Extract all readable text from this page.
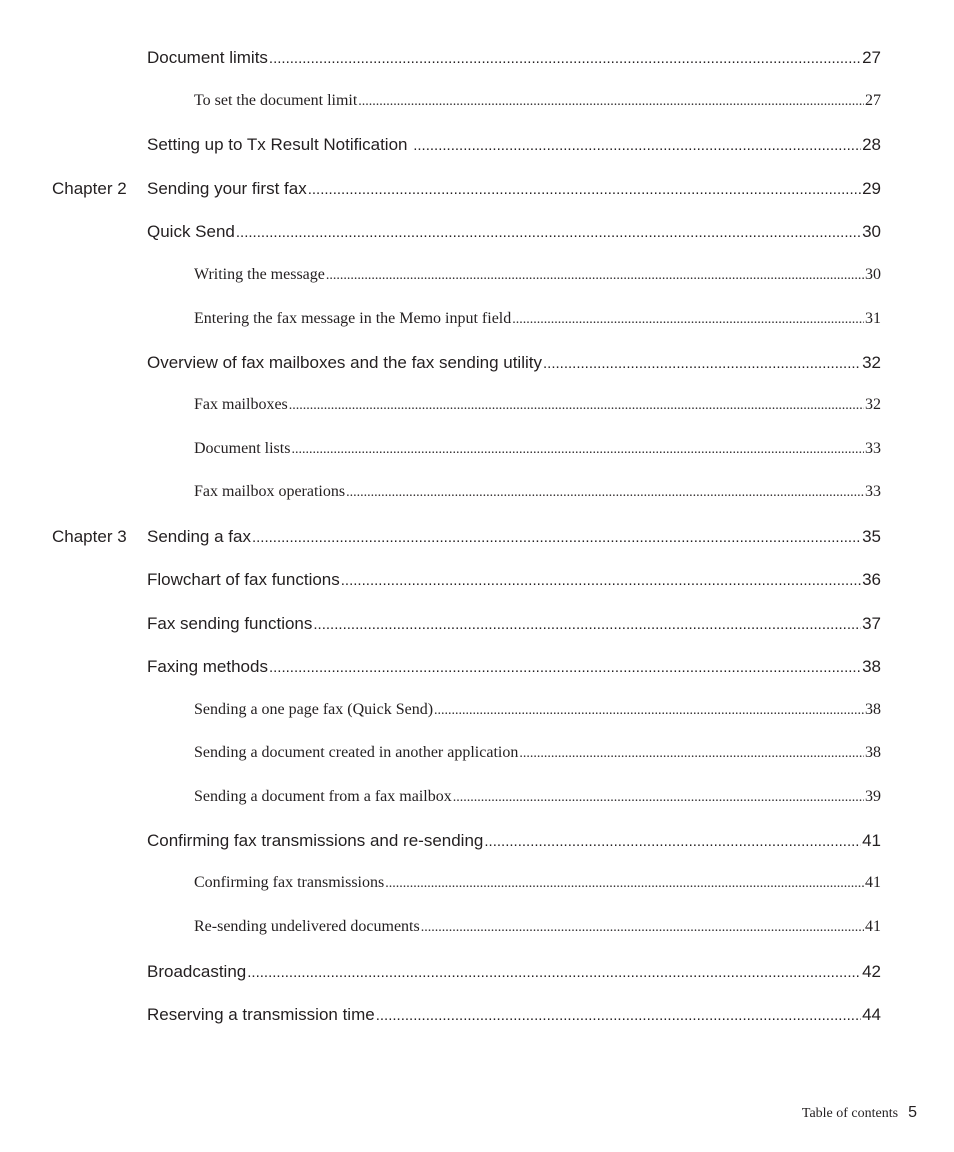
Document limits .....	27
To set the document limit .....	27
Setting up to Tx Result Notification .....	28
Chapter 2 Sending your first fax .....	29
Quick Send .....	30
Writing the message .....	30
Entering the fax message in the Memo input field .....	31
Overview of fax mailboxes and the fax sending utility .....	32
Fax mailboxes .....	32
Document lists .....	33
Fax mailbox operations .....	33
Chapter 3 Sending a fax .....	35
Flowchart of fax functions .....	36
Fax sending functions .....	37
Faxing methods .....	38
Sending a one page fax (Quick Send) .....	38
Sending a document created in another application .....	38
Sending a document from a fax mailbox .....	39
Confirming fax transmissions and re-sending .....	41
Confirming fax transmissions .....	41
Re-sending undelivered documents .....	41
Broadcasting .....	42
Reserving a transmission time .....	44
Table of contents 5
